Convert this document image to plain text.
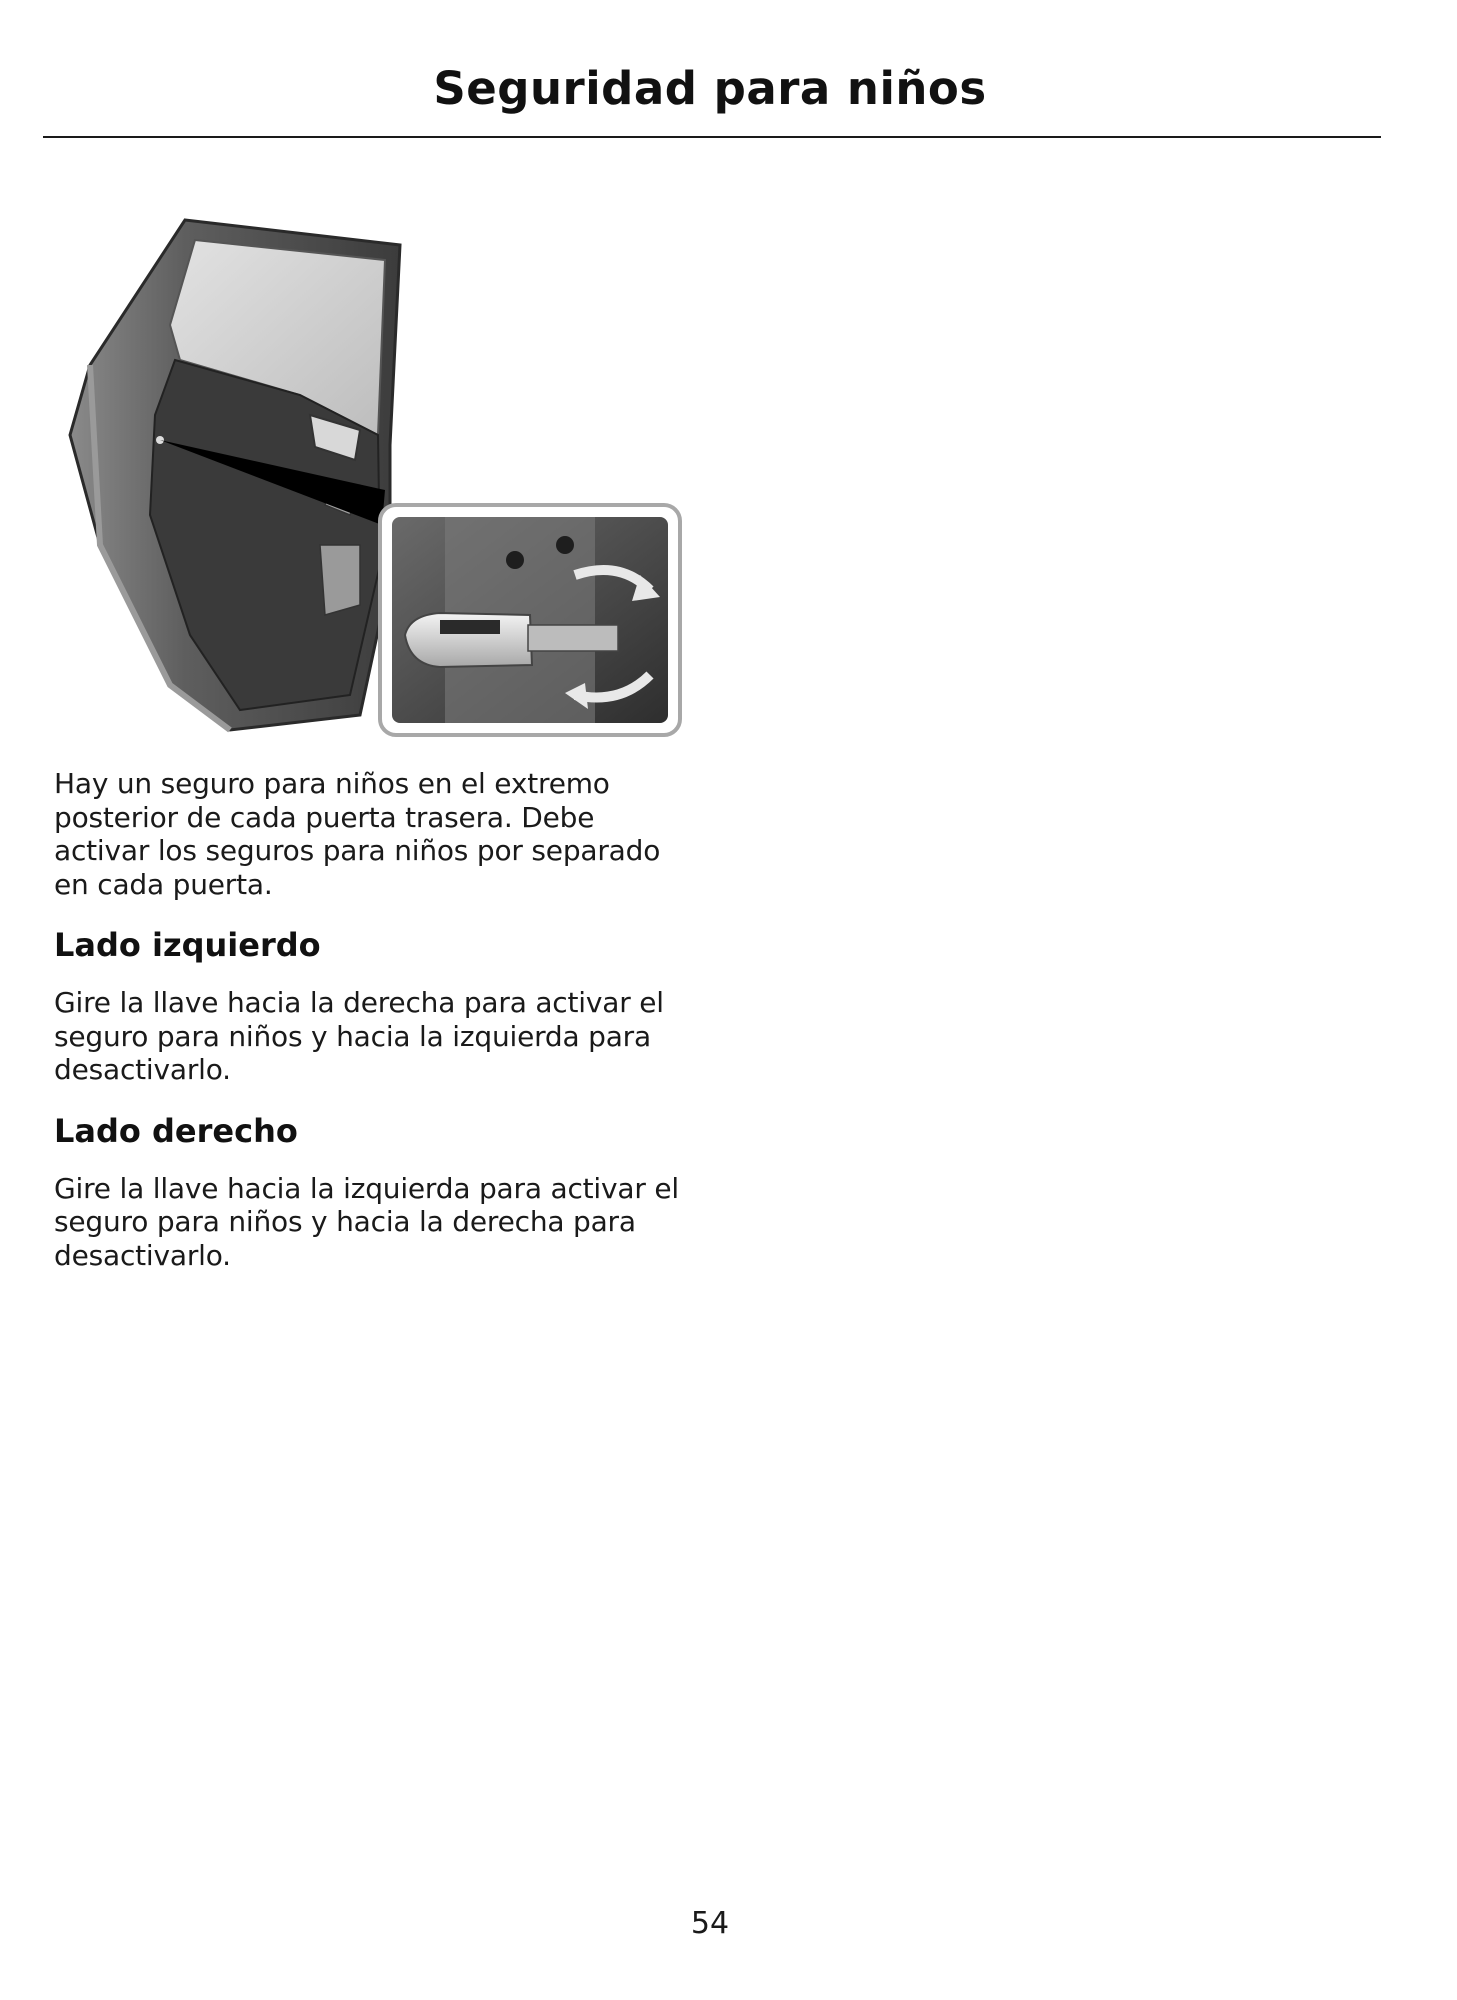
Seguridad para niños

Hay un seguro para niños en el extremo posterior de cada puerta trasera. Debe activar los seguros para niños por separado en cada puerta.

Lado izquierdo

Gire la llave hacia la derecha para activar el seguro para niños y hacia la izquierda para desactivarlo.

Lado derecho

Gire la llave hacia la izquierda para activar el seguro para niños y hacia la derecha para desactivarlo.

54
